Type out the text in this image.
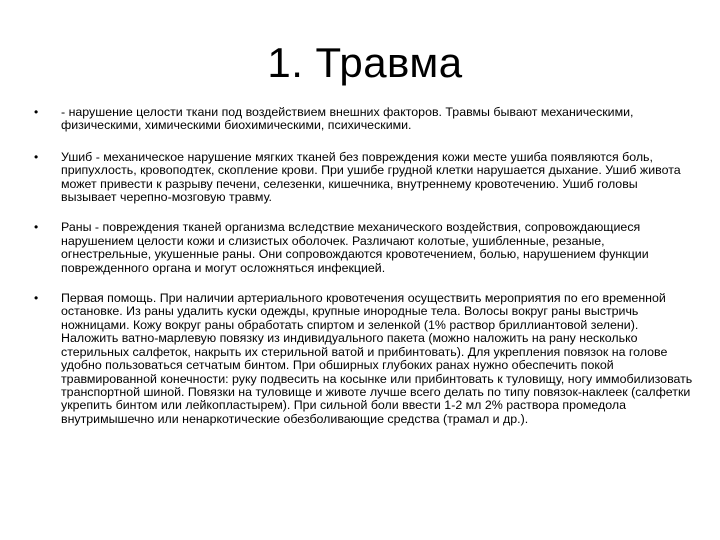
1. Травма
• - нарушение целости ткани под воздействием внешних факторов. Травмы бывают механическими, физическими, химическими биохимическими, психическими.
• Ушиб - механическое нарушение мягких тканей без повреждения кожи месте ушиба появляются боль, припухлость, кровоподтек, скопление крови. При ушибе грудной клетки нарушается дыхание. Ушиб живота может привести к разрыву печени, селезенки, кишечника, внутреннему кровотечению. Ушиб головы вызывает черепно-мозговую травму.
• Раны - повреждения тканей организма вследствие механического воздействия, сопровождающиеся нарушением целости кожи и слизистых оболочек. Различают колотые, ушибленные, резаные, огнестрельные, укушенные раны. Они сопровождаются кровотечением, болью, нарушением функции поврежденного органа и могут осложняться инфекцией.
• Первая помощь. При наличии артериального кровотечения осуществить мероприятия по его временной остановке. Из раны удалить куски одежды, крупные инородные тела. Волосы вокруг раны выстричь ножницами. Кожу вокруг раны обработать спиртом и зеленкой (1% раствор бриллиантовой зелени). Наложить ватно-марлевую повязку из индивидуального пакета (можно наложить на рану несколько стерильных салфеток, накрыть их стерильной ватой и прибинтовать). Для укрепления повязок на голове удобно пользоваться сетчатым бинтом. При обширных глубоких ранах нужно обеспечить покой травмированной конечности: руку подвесить на косынке или прибинтовать к туловищу, ногу иммобилизовать транспортной шиной. Повязки на туловище и животе лучше всего делать по типу повязок-наклеек (салфетки укрепить бинтом или лейкопластырем). При сильной боли ввести 1-2 мл 2% раствора промедола внутримышечно или ненаркотические обезболивающие средства (трамал и др.).
